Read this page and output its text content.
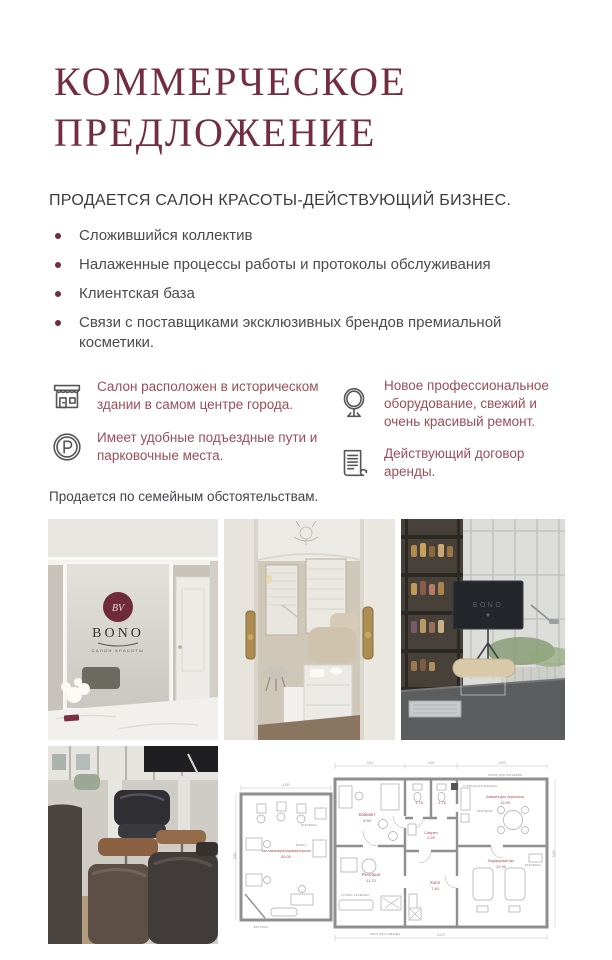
КОММЕРЧЕСКОЕ
ПРЕДЛОЖЕНИЕ
ПРОДАЕТСЯ САЛОН КРАСОТЫ-ДЕЙСТВУЮЩИЙ БИЗНЕС.
Сложившийся коллектив
Налаженные процессы работы и протоколы обслуживания
Клиентская база
Связи с поставщиками эксклюзивных брендов премиальной косметики.
Салон расположен в историческом здании в самом центре города.
Имеет удобные подъездные пути и парковочные места.
Новое профессиональное оборудование, свежий и очень красивый ремонт.
Действующий договор аренды.
Продается по семейным обстоятельствам.
BV
BONO
САЛОН КРАСОТЫ
BONO
4250
2110	1120	4200
11270
2980	7400
Зал маникюра/парикмахерская
30.00
Кабинет
9.90
Ресепшн
11.70
Санузел
2.20
Комната для персонала
12.00
Холл
7.40
Педикюрный зал
12.90
1.75	1.75
РАКОВИНА
МОЙКА
ВИТРИНА
СТОЙКА РЕСЕПШН
ШКАФ ДЛЯ ОДЕЖДЫ
СТИРАЛЬНАЯ МАШИНА
ПОЛКИ ДЛЯ ХРАНЕНИЯ
РАКОВИНА
РАКОВИНА
